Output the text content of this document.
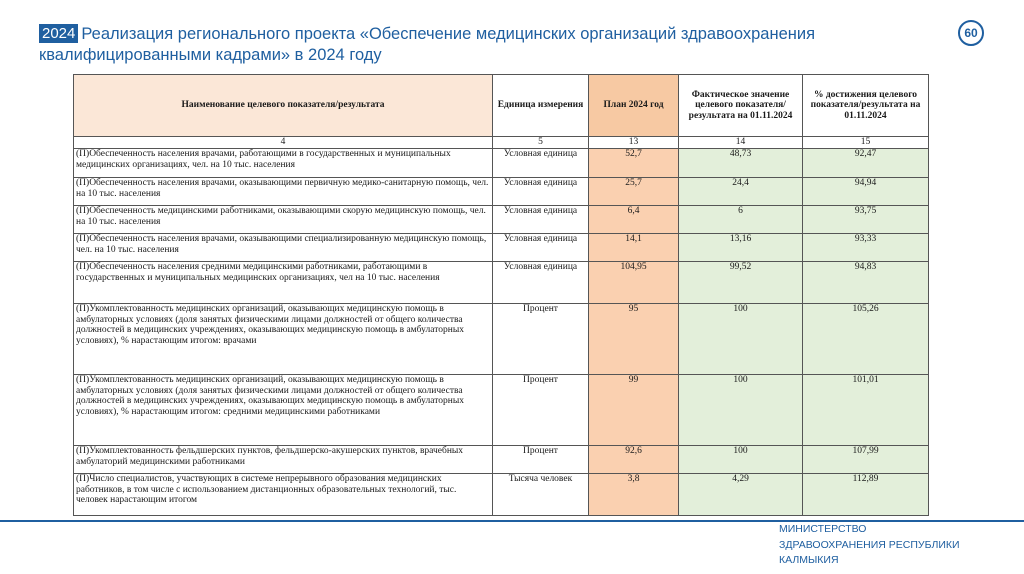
2024 Реализация регионального проекта «Обеспечение медицинских организаций здравоохранения квалифицированными кадрами» в 2024 году
60
Наименование целевого показателя/результата	Единица измерения	План 2024 год	Фактическое значение целевого показателя/результата на 01.11.2024	% достижения целевого показателя/результата на 01.11.2024
4	5	13	14	15
(П)Обеспеченность населения врачами, работающими в государственных и муниципальных медицинских организациях, чел. на 10 тыс. населения	Условная единица	52,7	48,73	92,47
(П)Обеспеченность населения врачами, оказывающими первичную медико-санитарную помощь, чел. на 10 тыс. населения	Условная единица	25,7	24,4	94,94
(П)Обеспеченность медицинскими работниками, оказывающими скорую медицинскую помощь, чел. на 10 тыс. населения	Условная единица	6,4	6	93,75
(П)Обеспеченность населения врачами, оказывающими специализированную медицинскую помощь, чел. на 10 тыс. населения	Условная единица	14,1	13,16	93,33
(П)Обеспеченность населения средними медицинскими работниками, работающими в государственных и муниципальных медицинских организациях, чел на 10 тыс. населения	Условная единица	104,95	99,52	94,83
(П)Укомплектованность медицинских организаций, оказывающих медицинскую помощь в амбулаторных условиях (доля занятых физическими лицами должностей от общего количества должностей в медицинских учреждениях, оказывающих медицинскую помощь в амбулаторных условиях), % нарастающим итогом: врачами	Процент	95	100	105,26
(П)Укомплектованность медицинских организаций, оказывающих медицинскую помощь в амбулаторных условиях (доля занятых физическими лицами должностей от общего количества должностей в медицинских учреждениях, оказывающих медицинскую помощь в амбулаторных условиях), % нарастающим итогом: средними медицинскими работниками	Процент	99	100	101,01
(П)Укомплектованность фельдшерских пунктов, фельдшерско-акушерских пунктов, врачебных амбулаторий медицинскими работниками	Процент	92,6	100	107,99
(П)Число специалистов, участвующих в системе непрерывного образования медицинских работников, в том числе с использованием дистанционных образовательных технологий, тыс. человек нарастающим итогом	Тысяча человек	3,8	4,29	112,89
МИНИСТЕРСТВО
ЗДРАВООХРАНЕНИЯ РЕСПУБЛИКИ
КАЛМЫКИЯ
